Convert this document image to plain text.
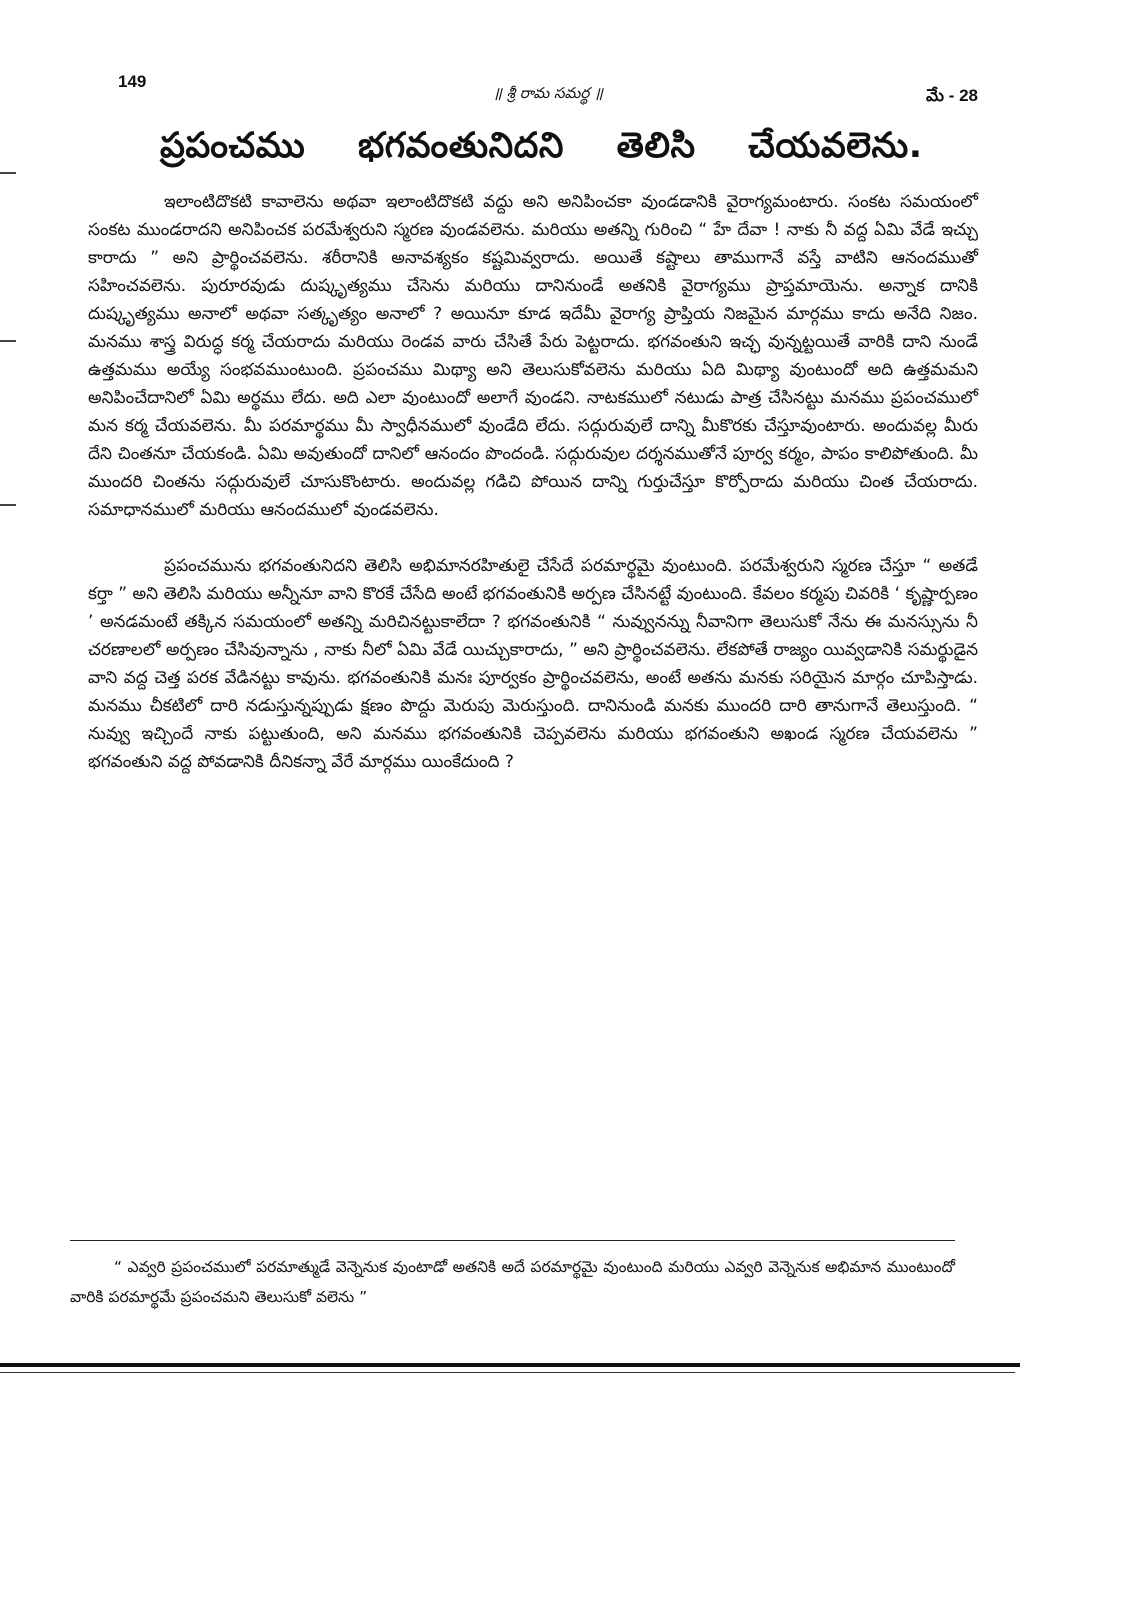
149
॥ శ్రీ రామ సమర్థ ॥	మే - 28
ప్రపంచము భగవంతునిదని తెలిసి చేయవలెను.

ఇలాంటిదొకటి కావాలెను అథవా ఇలాంటిదొకటి వద్దు అని అనిపించకా వుండడానికి వైరాగ్యమంటారు. సంకట సమయంలో సంకట ముండరాదని అనిపించక పరమేశ్వరుని స్మరణ వుండవలెను. మరియు అతన్ని గురించి “ హే దేవా ! నాకు నీ వద్ద ఏమి వేడే ఇచ్చు కారాదు ” అని ప్రార్థించవలెను. శరీరానికి అనావశ్యకం కష్టమివ్వరాదు. అయితే కష్టాలు తాముగానే వస్తే వాటిని ఆనందముతో సహించవలెను. పురూరవుడు దుష్కృత్యము చేసెను మరియు దానినుండే అతనికి వైరాగ్యము ప్రాప్తమాయెను. అన్నాక దానికి దుష్కృత్యము అనాలో అథవా సత్కృత్యం అనాలో ? అయినూ కూడ ఇదేమీ వైరాగ్య ప్రాప్తియ నిజమైన మార్గము కాదు అనేది నిజం. మనము శాస్త్ర విరుద్ధ కర్మ చేయరాదు మరియు రెండవ వారు చేసితే పేరు పెట్టరాదు. భగవంతుని ఇచ్ఛ వున్నట్టయితే వారికి దాని నుండే ఉత్తమము అయ్యే సంభవముంటుంది. ప్రపంచము మిథ్యా అని తెలుసుకోవలెను మరియు ఏది మిథ్యా వుంటుందో అది ఉత్తమమని అనిపించేదానిలో ఏమి అర్థము లేదు. అది ఎలా వుంటుందో అలాగే వుండని. నాటకములో నటుడు పాత్ర చేసినట్టు మనము ప్రపంచములో మన కర్మ చేయవలెను. మీ పరమార్థము మీ స్వాధీనములో వుండేది లేదు. సద్గురువులే దాన్ని మీకొరకు చేస్తూవుంటారు. అందువల్ల మీరు దేని చింతనూ చేయకండి. ఏమి అవుతుందో దానిలో ఆనందం పొందండి. సద్గురువుల దర్శనముతోనే పూర్వ కర్మం, పాపం కాలిపోతుంది. మీ ముందరి చింతను సద్గురువులే చూసుకొంటారు. అందువల్ల గడిచి పోయిన దాన్ని గుర్తుచేస్తూ కొర్పోరాదు మరియు చింత చేయరాదు. సమాధానములో మరియు ఆనందములో వుండవలెను.

ప్రపంచమును భగవంతునిదని తెలిసి అభిమానరహితులై చేసేదే పరమార్థమై వుంటుంది. పరమేశ్వరుని స్మరణ చేస్తూ “ అతడే కర్తా ” అని తెలిసి మరియు అన్నీనూ వాని కొరకే చేసేది అంటే భగవంతునికి అర్పణ చేసినట్టే వుంటుంది. కేవలం కర్మపు చివరికి ‘ కృష్ణార్పణం ’ అనడమంటే తక్కిన సమయంలో అతన్ని మరిచినట్టుకాలేదా ? భగవంతునికి “ నువ్వునన్ను నీవానిగా తెలుసుకో నేను ఈ మనస్సును నీ చరణాలలో అర్పణం చేసివున్నాను , నాకు నీలో ఏమి వేడే యిచ్చుకారాదు, ” అని ప్రార్థించవలెను. లేకపోతే రాజ్యం యివ్వడానికి సమర్థుడైన వాని వద్ద చెత్త పరక వేడినట్టు కావును. భగవంతునికి మనః పూర్వకం ప్రార్థించవలెను, అంటే అతను మనకు సరియైన మార్గం చూపిస్తాడు. మనము చీకటిలో దారి నడుస్తున్నప్పుడు క్షణం పొద్దు మెరుపు మెరుస్తుంది. దానినుండి మనకు ముందరి దారి తానుగానే తెలుస్తుంది. “ నువ్వు ఇచ్చిందే నాకు పట్టుతుంది, అని మనము భగవంతునికి చెప్పవలెను మరియు భగవంతుని అఖండ స్మరణ చేయవలెను ” భగవంతుని వద్ద పోవడానికి దీనికన్నా వేరే మార్గము యింకేదుంది ?

“ ఎవ్వరి ప్రపంచములో పరమాత్ముడే వెన్నెనుక వుంటాడో అతనికి అదే పరమార్థమై వుంటుంది మరియు ఎవ్వరి వెన్నెనుక అభిమాన ముంటుందో వారికి పరమార్థమే ప్రపంచమని తెలుసుకో వలెను ”
